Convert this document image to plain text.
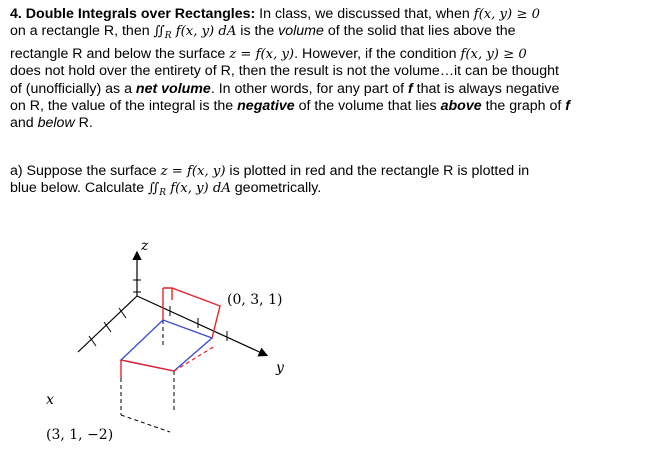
4. Double Integrals over Rectangles: In class, we discussed that, when f(x, y) ≥ 0
on a rectangle R, then $∬_R$ f(x, y) dA is the volume of the solid that lies above the
rectangle R and below the surface z = f(x, y). However, if the condition f(x, y) ≥ 0
does not hold over the entirety of R, then the result is not the volume…it can be thought
of (unofficially) as a net volume. In other words, for any part of f that is always negative
on R, the value of the integral is the negative of the volume that lies above the graph of f
and below R.
a) Suppose the surface z = f(x, y) is plotted in red and the rectangle R is plotted in
blue below. Calculate $∬_R$ f(x, y) dA geometrically.
z
y
x
(0, 3, 1)
(3, 1, −2)
